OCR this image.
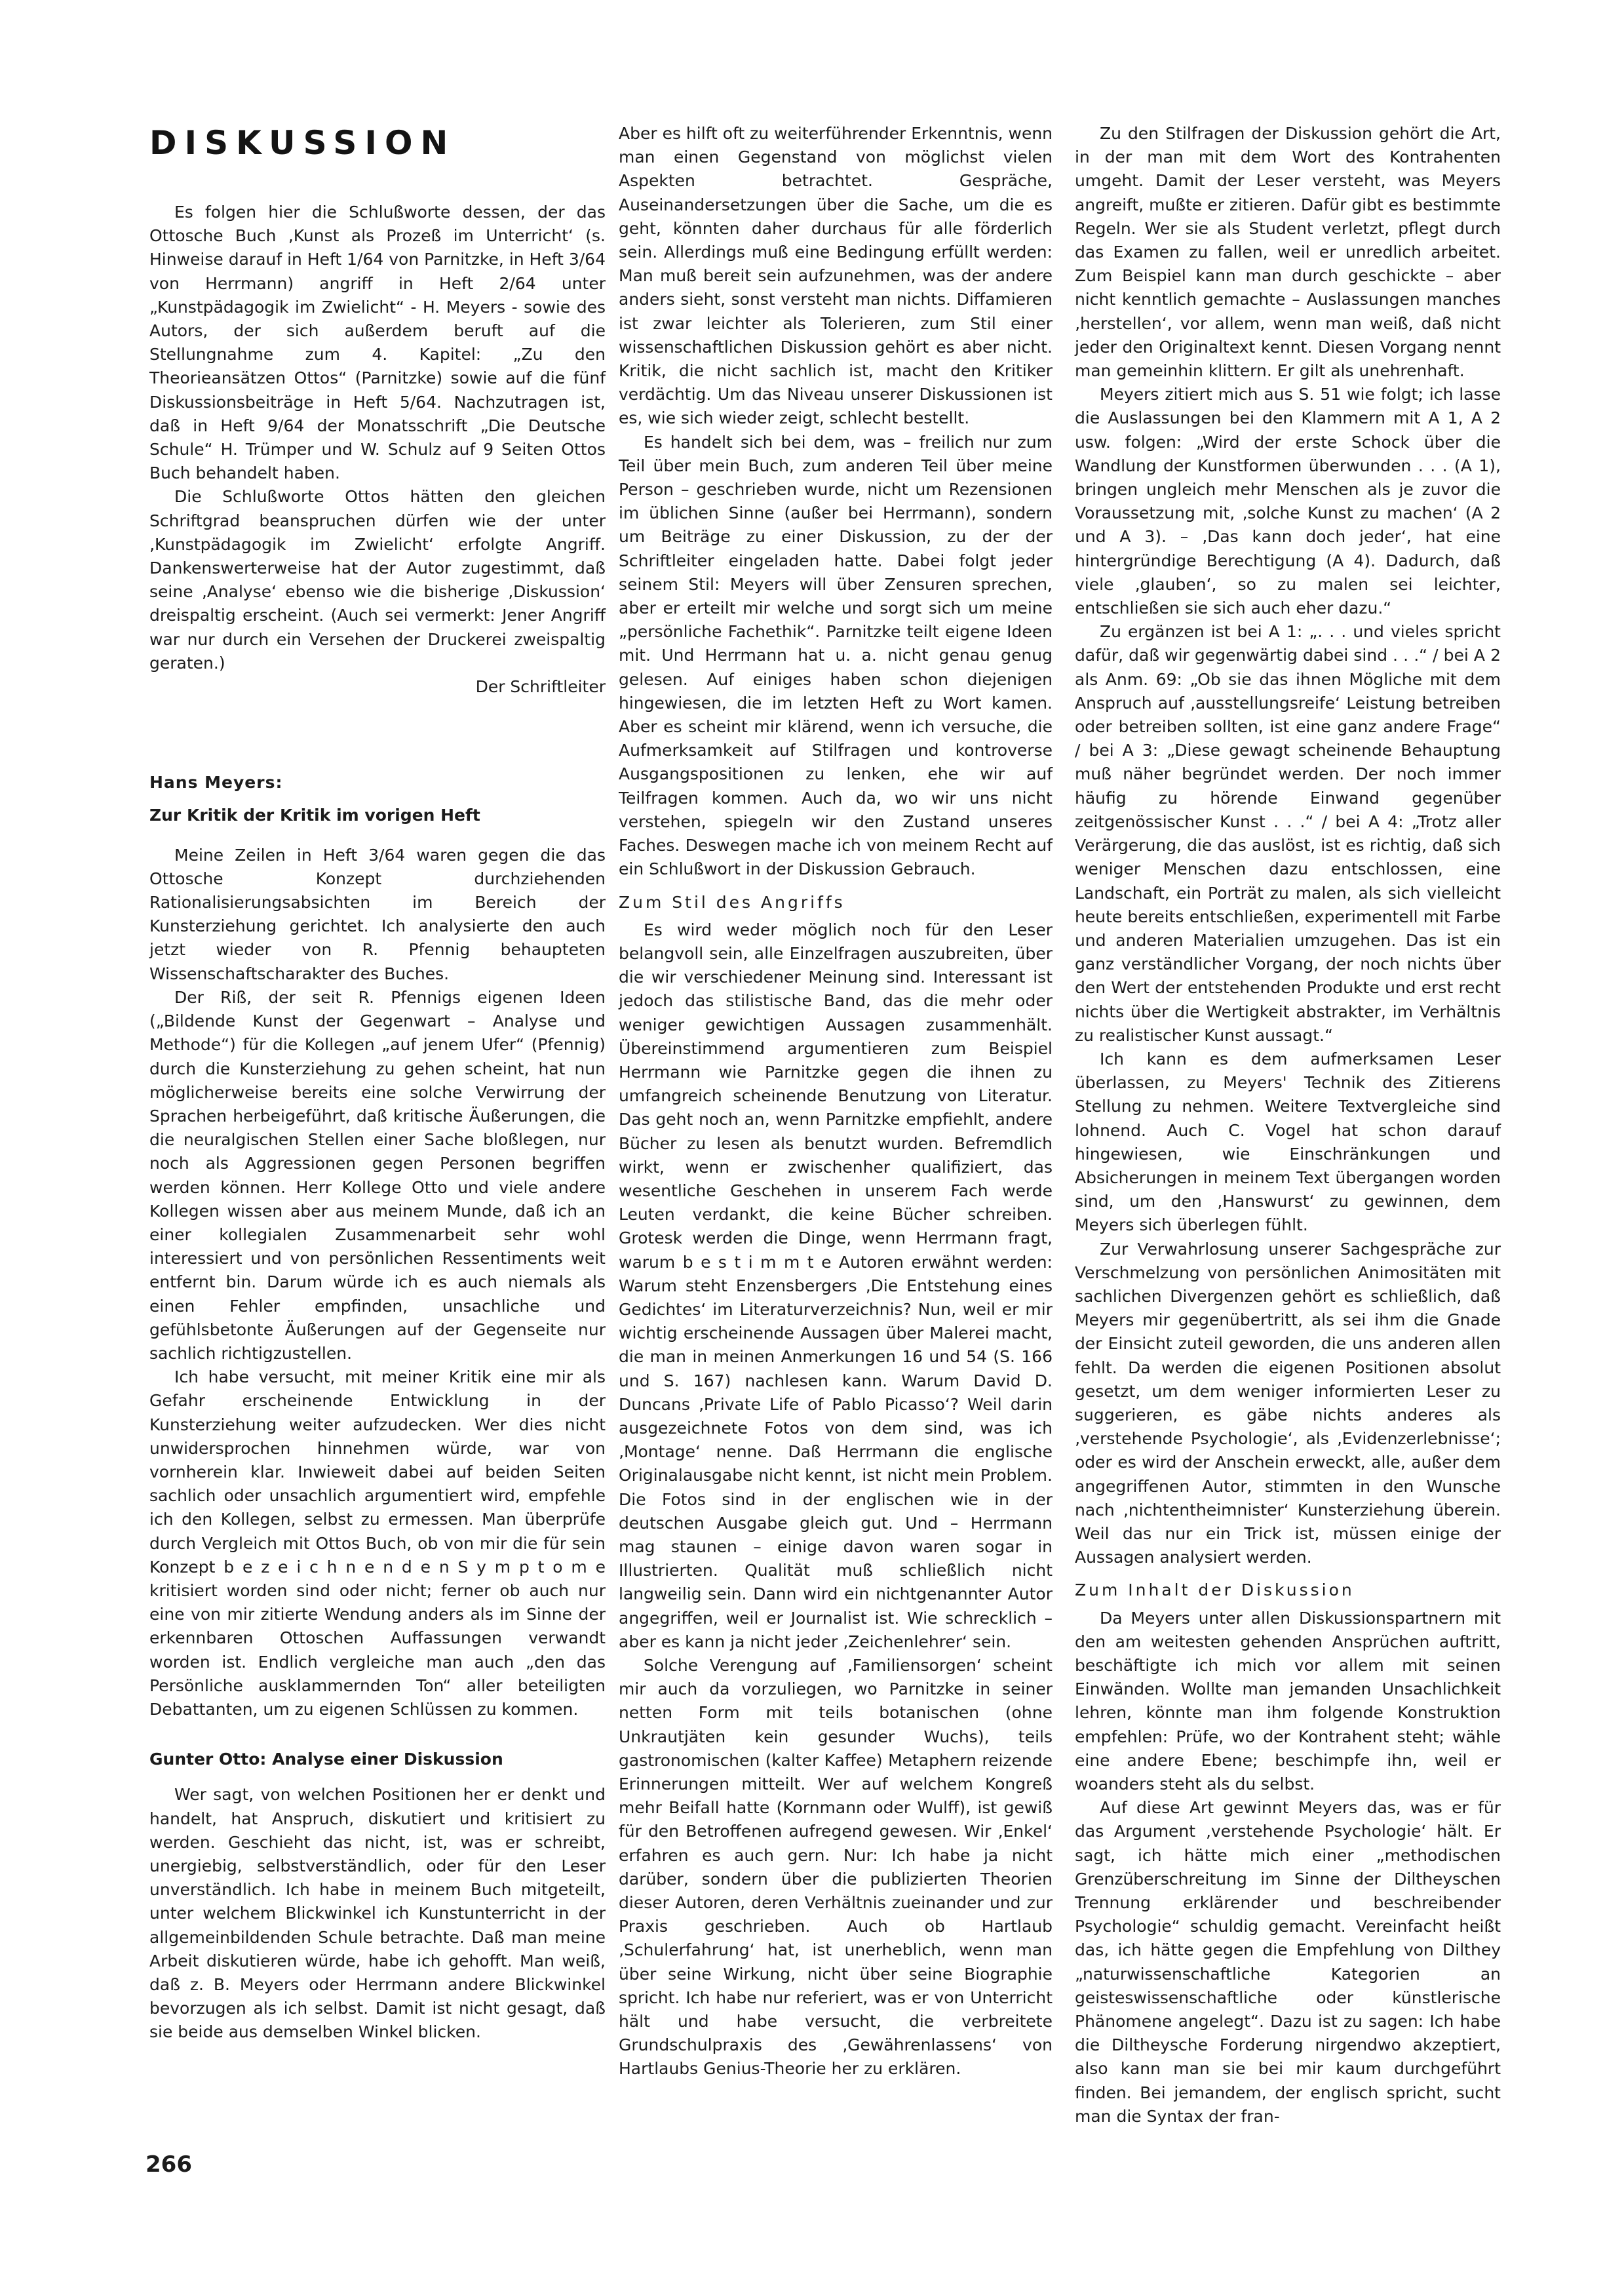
DISKUSSION

Es folgen hier die Schlußworte dessen, der das Ottosche Buch ‚Kunst als Prozeß im Unterricht‘ (s. Hinweise darauf in Heft 1/64 von Parnitzke, in Heft 3/64 von Herrmann) angriff in Heft 2/64 unter „Kunstpädagogik im Zwielicht“ - H. Meyers - sowie des Autors, der sich außerdem beruft auf die Stellungnahme zum 4. Kapitel: „Zu den Theorieansätzen Ottos“ (Parnitzke) sowie auf die fünf Diskussionsbeiträge in Heft 5/64. Nachzutragen ist, daß in Heft 9/64 der Monatsschrift „Die Deutsche Schule“ H. Trümper und W. Schulz auf 9 Seiten Ottos Buch behandelt haben.

Die Schlußworte Ottos hätten den gleichen Schriftgrad beanspruchen dürfen wie der unter ‚Kunstpädagogik im Zwielicht‘ erfolgte Angriff. Dankenswerterweise hat der Autor zugestimmt, daß seine ‚Analyse‘ ebenso wie die bisherige ‚Diskussion‘ dreispaltig erscheint. (Auch sei vermerkt: Jener Angriff war nur durch ein Versehen der Druckerei zweispaltig geraten.)

Der Schriftleiter
Hans Meyers:
Zur Kritik der Kritik im vorigen Heft

Meine Zeilen in Heft 3/64 waren gegen die das Ottosche Konzept durchziehenden Rationalisierungsabsichten im Bereich der Kunsterziehung gerichtet. Ich analysierte den auch jetzt wieder von R. Pfennig behaupteten Wissenschaftscharakter des Buches.

Der Riß, der seit R. Pfennigs eigenen Ideen („Bildende Kunst der Gegenwart – Analyse und Methode“) für die Kollegen „auf jenem Ufer“ (Pfennig) durch die Kunsterziehung zu gehen scheint, hat nun möglicherweise bereits eine solche Verwirrung der Sprachen herbeigeführt, daß kritische Äußerungen, die die neuralgischen Stellen einer Sache bloßlegen, nur noch als Aggressionen gegen Personen begriffen werden können. Herr Kollege Otto und viele andere Kollegen wissen aber aus meinem Munde, daß ich an einer kollegialen Zusammenarbeit sehr wohl interessiert und von persönlichen Ressentiments weit entfernt bin. Darum würde ich es auch niemals als einen Fehler empfinden, unsachliche und gefühlsbetonte Äußerungen auf der Gegenseite nur sachlich richtigzustellen.

Ich habe versucht, mit meiner Kritik eine mir als Gefahr erscheinende Entwicklung in der Kunsterziehung weiter aufzudecken. Wer dies nicht unwidersprochen hinnehmen würde, war von vornherein klar. Inwieweit dabei auf beiden Seiten sachlich oder unsachlich argumentiert wird, empfehle ich den Kollegen, selbst zu ermessen. Man überprüfe durch Vergleich mit Ottos Buch, ob von mir die für sein Konzept b e z e i c h n e n d e n S y m p t o m e kritisiert worden sind oder nicht; ferner ob auch nur eine von mir zitierte Wendung anders als im Sinne der erkennbaren Ottoschen Auffassungen verwandt worden ist. Endlich vergleiche man auch „den das Persönliche ausklammernden Ton“ aller beteiligten Debattanten, um zu eigenen Schlüssen zu kommen.

Gunter Otto: Analyse einer Diskussion

Wer sagt, von welchen Positionen her er denkt und handelt, hat Anspruch, diskutiert und kritisiert zu werden. Geschieht das nicht, ist, was er schreibt, unergiebig, selbstverständlich, oder für den Leser unverständlich. Ich habe in meinem Buch mitgeteilt, unter welchem Blickwinkel ich Kunstunterricht in der allgemeinbildenden Schule betrachte. Daß man meine Arbeit diskutieren würde, habe ich gehofft. Man weiß, daß z. B. Meyers oder Herrmann andere Blickwinkel bevorzugen als ich selbst. Damit ist nicht gesagt, daß sie beide aus demselben Winkel blicken.

Aber es hilft oft zu weiterführender Erkenntnis, wenn man einen Gegenstand von möglichst vielen Aspekten betrachtet. Gespräche, Auseinandersetzungen über die Sache, um die es geht, könnten daher durchaus für alle förderlich sein. Allerdings muß eine Bedingung erfüllt werden: Man muß bereit sein aufzunehmen, was der andere anders sieht, sonst versteht man nichts. Diffamieren ist zwar leichter als Tolerieren, zum Stil einer wissenschaftlichen Diskussion gehört es aber nicht. Kritik, die nicht sachlich ist, macht den Kritiker verdächtig. Um das Niveau unserer Diskussionen ist es, wie sich wieder zeigt, schlecht bestellt.

Es handelt sich bei dem, was – freilich nur zum Teil über mein Buch, zum anderen Teil über meine Person – geschrieben wurde, nicht um Rezensionen im üblichen Sinne (außer bei Herrmann), sondern um Beiträge zu einer Diskussion, zu der der Schriftleiter eingeladen hatte. Dabei folgt jeder seinem Stil: Meyers will über Zensuren sprechen, aber er erteilt mir welche und sorgt sich um meine „persönliche Fachethik“. Parnitzke teilt eigene Ideen mit. Und Herrmann hat u. a. nicht genau genug gelesen. Auf einiges haben schon diejenigen hingewiesen, die im letzten Heft zu Wort kamen. Aber es scheint mir klärend, wenn ich versuche, die Aufmerksamkeit auf Stilfragen und kontroverse Ausgangspositionen zu lenken, ehe wir auf Teilfragen kommen. Auch da, wo wir uns nicht verstehen, spiegeln wir den Zustand unseres Faches. Deswegen mache ich von meinem Recht auf ein Schlußwort in der Diskussion Gebrauch.

Zum Stil des Angriffs

Es wird weder möglich noch für den Leser belangvoll sein, alle Einzelfragen auszubreiten, über die wir verschiedener Meinung sind. Interessant ist jedoch das stilistische Band, das die mehr oder weniger gewichtigen Aussagen zusammenhält. Übereinstimmend argumentieren zum Beispiel Herrmann wie Parnitzke gegen die ihnen zu umfangreich scheinende Benutzung von Literatur. Das geht noch an, wenn Parnitzke empfiehlt, andere Bücher zu lesen als benutzt wurden. Befremdlich wirkt, wenn er zwischenher qualifiziert, das wesentliche Geschehen in unserem Fach werde Leuten verdankt, die keine Bücher schreiben. Grotesk werden die Dinge, wenn Herrmann fragt, warum b e s t i m m t e Autoren erwähnt werden: Warum steht Enzensbergers ‚Die Entstehung eines Gedichtes‘ im Literaturverzeichnis? Nun, weil er mir wichtig erscheinende Aussagen über Malerei macht, die man in meinen Anmerkungen 16 und 54 (S. 166 und S. 167) nachlesen kann. Warum David D. Duncans ‚Private Life of Pablo Picasso‘? Weil darin ausgezeichnete Fotos von dem sind, was ich ‚Montage‘ nenne. Daß Herrmann die englische Originalausgabe nicht kennt, ist nicht mein Problem. Die Fotos sind in der englischen wie in der deutschen Ausgabe gleich gut. Und – Herrmann mag staunen – einige davon waren sogar in Illustrierten. Qualität muß schließlich nicht langweilig sein. Dann wird ein nichtgenannter Autor angegriffen, weil er Journalist ist. Wie schrecklich – aber es kann ja nicht jeder ‚Zeichenlehrer‘ sein.

Solche Verengung auf ‚Familiensorgen‘ scheint mir auch da vorzuliegen, wo Parnitzke in seiner netten Form mit teils botanischen (ohne Unkrautjäten kein gesunder Wuchs), teils gastronomischen (kalter Kaffee) Metaphern reizende Erinnerungen mitteilt. Wer auf welchem Kongreß mehr Beifall hatte (Kornmann oder Wulff), ist gewiß für den Betroffenen aufregend gewesen. Wir ‚Enkel‘ erfahren es auch gern. Nur: Ich habe ja nicht darüber, sondern über die publizierten Theorien dieser Autoren, deren Verhältnis zueinander und zur Praxis geschrieben. Auch ob Hartlaub ‚Schulerfahrung‘ hat, ist unerheblich, wenn man über seine Wirkung, nicht über seine Biographie spricht. Ich habe nur referiert, was er von Unterricht hält und habe versucht, die verbreitete Grundschulpraxis des ‚Gewährenlassens‘ von Hartlaubs Genius-Theorie her zu erklären.

Zu den Stilfragen der Diskussion gehört die Art, in der man mit dem Wort des Kontrahenten umgeht. Damit der Leser versteht, was Meyers angreift, mußte er zitieren. Dafür gibt es bestimmte Regeln. Wer sie als Student verletzt, pflegt durch das Examen zu fallen, weil er unredlich arbeitet. Zum Beispiel kann man durch geschickte – aber nicht kenntlich gemachte – Auslassungen manches ‚herstellen‘, vor allem, wenn man weiß, daß nicht jeder den Originaltext kennt. Diesen Vorgang nennt man gemeinhin klittern. Er gilt als unehrenhaft.

Meyers zitiert mich aus S. 51 wie folgt; ich lasse die Auslassungen bei den Klammern mit A 1, A 2 usw. folgen: „Wird der erste Schock über die Wandlung der Kunstformen überwunden . . . (A 1), bringen ungleich mehr Menschen als je zuvor die Voraussetzung mit, ‚solche Kunst zu machen‘ (A 2 und A 3). – ‚Das kann doch jeder‘, hat eine hintergründige Berechtigung (A 4). Dadurch, daß viele ‚glauben‘, so zu malen sei leichter, entschließen sie sich auch eher dazu.“

Zu ergänzen ist bei A 1: „. . . und vieles spricht dafür, daß wir gegenwärtig dabei sind . . .“ / bei A 2 als Anm. 69: „Ob sie das ihnen Mögliche mit dem Anspruch auf ‚ausstellungsreife‘ Leistung betreiben oder betreiben sollten, ist eine ganz andere Frage“ / bei A 3: „Diese gewagt scheinende Behauptung muß näher begründet werden. Der noch immer häufig zu hörende Einwand gegenüber zeitgenössischer Kunst . . .“ / bei A 4: „Trotz aller Verärgerung, die das auslöst, ist es richtig, daß sich weniger Menschen dazu entschlossen, eine Landschaft, ein Porträt zu malen, als sich vielleicht heute bereits entschließen, experimentell mit Farbe und anderen Materialien umzugehen. Das ist ein ganz verständlicher Vorgang, der noch nichts über den Wert der entstehenden Produkte und erst recht nichts über die Wertigkeit abstrakter, im Verhältnis zu realistischer Kunst aussagt.“

Ich kann es dem aufmerksamen Leser überlassen, zu Meyers' Technik des Zitierens Stellung zu nehmen. Weitere Textvergleiche sind lohnend. Auch C. Vogel hat schon darauf hingewiesen, wie Einschränkungen und Absicherungen in meinem Text übergangen worden sind, um den ‚Hanswurst‘ zu gewinnen, dem Meyers sich überlegen fühlt.

Zur Verwahrlosung unserer Sachgespräche zur Verschmelzung von persönlichen Animositäten mit sachlichen Divergenzen gehört es schließlich, daß Meyers mir gegenübertritt, als sei ihm die Gnade der Einsicht zuteil geworden, die uns anderen allen fehlt. Da werden die eigenen Positionen absolut gesetzt, um dem weniger informierten Leser zu suggerieren, es gäbe nichts anderes als ‚verstehende Psychologie‘, als ‚Evidenzerlebnisse‘; oder es wird der Anschein erweckt, alle, außer dem angegriffenen Autor, stimmten in den Wunsche nach ‚nichtentheimnister‘ Kunsterziehung überein. Weil das nur ein Trick ist, müssen einige der Aussagen analysiert werden.

Zum Inhalt der Diskussion

Da Meyers unter allen Diskussionspartnern mit den am weitesten gehenden Ansprüchen auftritt, beschäftigte ich mich vor allem mit seinen Einwänden. Wollte man jemanden Unsachlichkeit lehren, könnte man ihm folgende Konstruktion empfehlen: Prüfe, wo der Kontrahent steht; wähle eine andere Ebene; beschimpfe ihn, weil er woanders steht als du selbst.

Auf diese Art gewinnt Meyers das, was er für das Argument ‚verstehende Psychologie‘ hält. Er sagt, ich hätte mich einer „methodischen Grenzüberschreitung im Sinne der Diltheyschen Trennung erklärender und beschreibender Psychologie“ schuldig gemacht. Vereinfacht heißt das, ich hätte gegen die Empfehlung von Dilthey „naturwissenschaftliche Kategorien an geisteswissenschaftliche oder künstlerische Phänomene angelegt“. Dazu ist zu sagen: Ich habe die Diltheysche Forderung nirgendwo akzeptiert, also kann man sie bei mir kaum durchgeführt finden. Bei jemandem, der englisch spricht, sucht man die Syntax der fran-

266
